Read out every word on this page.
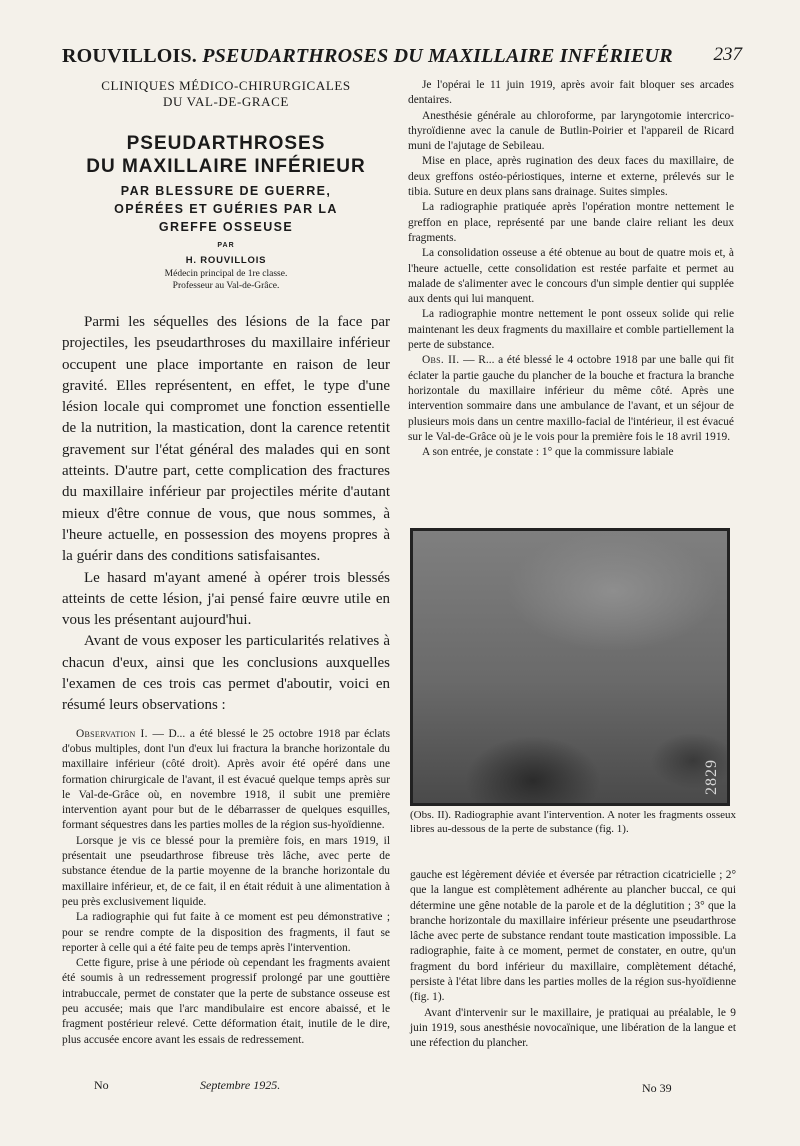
ROUVILLOIS. PSEUDARTHROSES DU MAXILLAIRE INFÉRIEUR 237
CLINIQUES MÉDICO-CHIRURGICALES
DU VAL-DE-GRACE
PSEUDARTHROSES
DU MAXILLAIRE INFÉRIEUR
PAR BLESSURE DE GUERRE,
OPÉRÉES ET GUÉRIES PAR LA
GREFFE OSSEUSE
PAR
H. ROUVILLOIS
Médecin principal de 1re classe.
Professeur au Val-de-Grâce.

Parmi les séquelles des lésions de la face par projectiles, les pseudarthroses du maxillaire inférieur occupent une place importante en raison de leur gravité. Elles représentent, en effet, le type d'une lésion locale qui compromet une fonction essentielle de la nutrition, la mastication, dont la carence retentit gravement sur l'état général des malades qui en sont atteints. D'autre part, cette complication des fractures du maxillaire inférieur par projectiles mérite d'autant mieux d'être connue de vous, que nous sommes, à l'heure actuelle, en possession des moyens propres à la guérir dans des conditions satisfaisantes.

Le hasard m'ayant amené à opérer trois blessés atteints de cette lésion, j'ai pensé faire œuvre utile en vous les présentant aujourd'hui.

Avant de vous exposer les particularités relatives à chacun d'eux, ainsi que les conclusions auxquelles l'examen de ces trois cas permet d'aboutir, voici en résumé leurs observations :

Observation I. — D... a été blessé le 25 octobre 1918 par éclats d'obus multiples, dont l'un d'eux lui fractura la branche horizontale du maxillaire inférieur (côté droit). Après avoir été opéré dans une formation chirurgicale de l'avant, il est évacué quelque temps après sur le Val-de-Grâce où, en novembre 1918, il subit une première intervention ayant pour but de le débarrasser de quelques esquilles, formant séquestres dans les parties molles de la région sus-hyoïdienne.

Lorsque je vis ce blessé pour la première fois, en mars 1919, il présentait une pseudarthrose fibreuse très lâche, avec perte de substance étendue de la partie moyenne de la branche horizontale du maxillaire inférieur, et, de ce fait, il en était réduit à une alimentation à peu près exclusivement liquide.

La radiographie qui fut faite à ce moment est peu démonstrative ; pour se rendre compte de la disposition des fragments, il faut se reporter à celle qui a été faite peu de temps après l'intervention.

Cette figure, prise à une période où cependant les fragments avaient été soumis à un redressement progressif prolongé par une gouttière intrabuccale, permet de constater que la perte de substance osseuse est peu accusée; mais que l'arc mandibulaire est encore abaissé, et le fragment postérieur relevé. Cette déformation était, inutile de le dire, plus accusée encore avant les essais de redressement.

Je l'opérai le 11 juin 1919, après avoir fait bloquer ses arcades dentaires.

Anesthésie générale au chloroforme, par laryngotomie intercrico-thyroïdienne avec la canule de Butlin-Poirier et l'appareil de Ricard muni de l'ajutage de Sebileau.

Mise en place, après rugination des deux faces du maxillaire, de deux greffons ostéo-périostiques, interne et externe, prélevés sur le tibia. Suture en deux plans sans drainage. Suites simples.

La radiographie pratiquée après l'opération montre nettement le greffon en place, représenté par une bande claire reliant les deux fragments.

La consolidation osseuse a été obtenue au bout de quatre mois et, à l'heure actuelle, cette consolidation est restée parfaite et permet au malade de s'alimenter avec le concours d'un simple dentier qui supplée aux dents qui lui manquent.

La radiographie montre nettement le pont osseux solide qui relie maintenant les deux fragments du maxillaire et comble partiellement la perte de substance.

Obs. II. — R... a été blessé le 4 octobre 1918 par une balle qui fit éclater la partie gauche du plancher de la bouche et fractura la branche horizontale du maxillaire inférieur du même côté. Après une intervention sommaire dans une ambulance de l'avant, et un séjour de plusieurs mois dans un centre maxillo-facial de l'intérieur, il est évacué sur le Val-de-Grâce où je le vois pour la première fois le 18 avril 1919.

A son entrée, je constate : 1° que la commissure labiale

2829
(Obs. II). Radiographie avant l'intervention. A noter les fragments osseux libres au-dessous de la perte de substance (fig. 1).

gauche est légèrement déviée et éversée par rétraction cicatricielle ; 2° que la langue est complètement adhérente au plancher buccal, ce qui détermine une gêne notable de la parole et de la déglutition ; 3° que la branche horizontale du maxillaire inférieur présente une pseudarthrose lâche avec perte de substance rendant toute mastication impossible. La radiographie, faite à ce moment, permet de constater, en outre, qu'un fragment du bord inférieur du maxillaire, complètement détaché, persiste à l'état libre dans les parties molles de la région sus-hyoïdienne (fig. 1).

Avant d'intervenir sur le maxillaire, je pratiquai au préalable, le 9 juin 1919, sous anesthésie novocaïnique, une libération de la langue et une réfection du plancher.

No	Septembre 1925.	No 39
